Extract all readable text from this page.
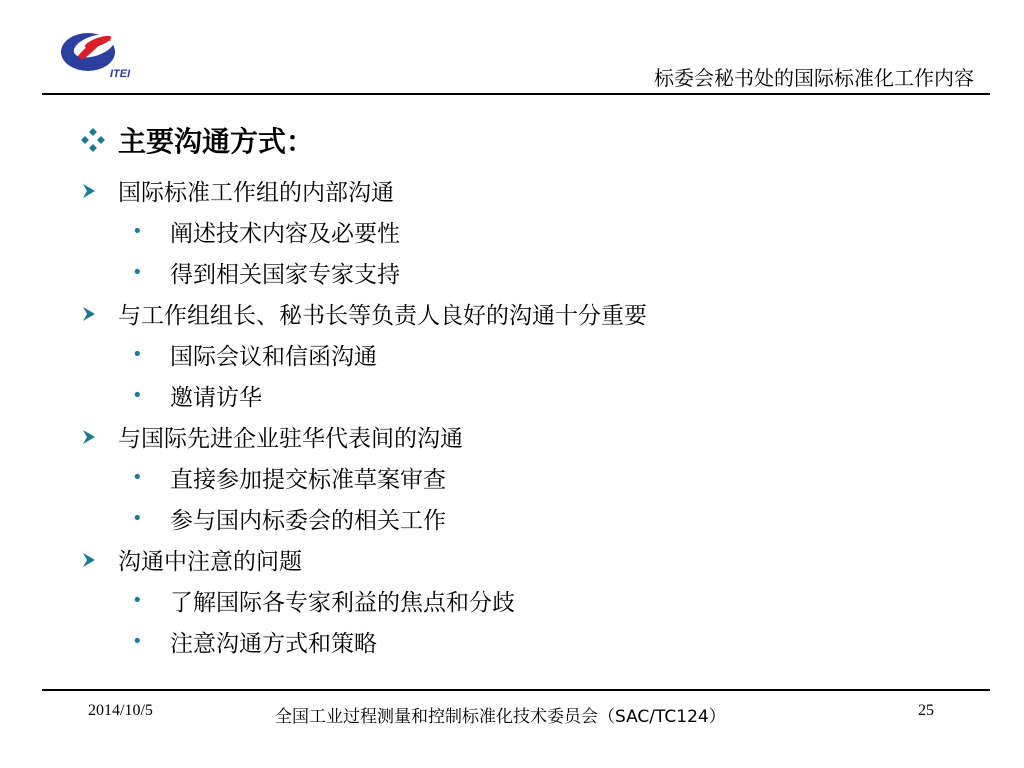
ITEI	标委会秘书处的国际标准化工作内容
主要沟通方式：
国际标准工作组的内部沟通
•	阐述技术内容及必要性
•	得到相关国家专家支持
与工作组组长、秘书长等负责人良好的沟通十分重要
•	国际会议和信函沟通
•	邀请访华
与国际先进企业驻华代表间的沟通
•	直接参加提交标准草案审查
•	参与国内标委会的相关工作
沟通中注意的问题
•	了解国际各专家利益的焦点和分歧
•	注意沟通方式和策略
2014/10/5	全国工业过程测量和控制标准化技术委员会（SAC/TC124）	25
